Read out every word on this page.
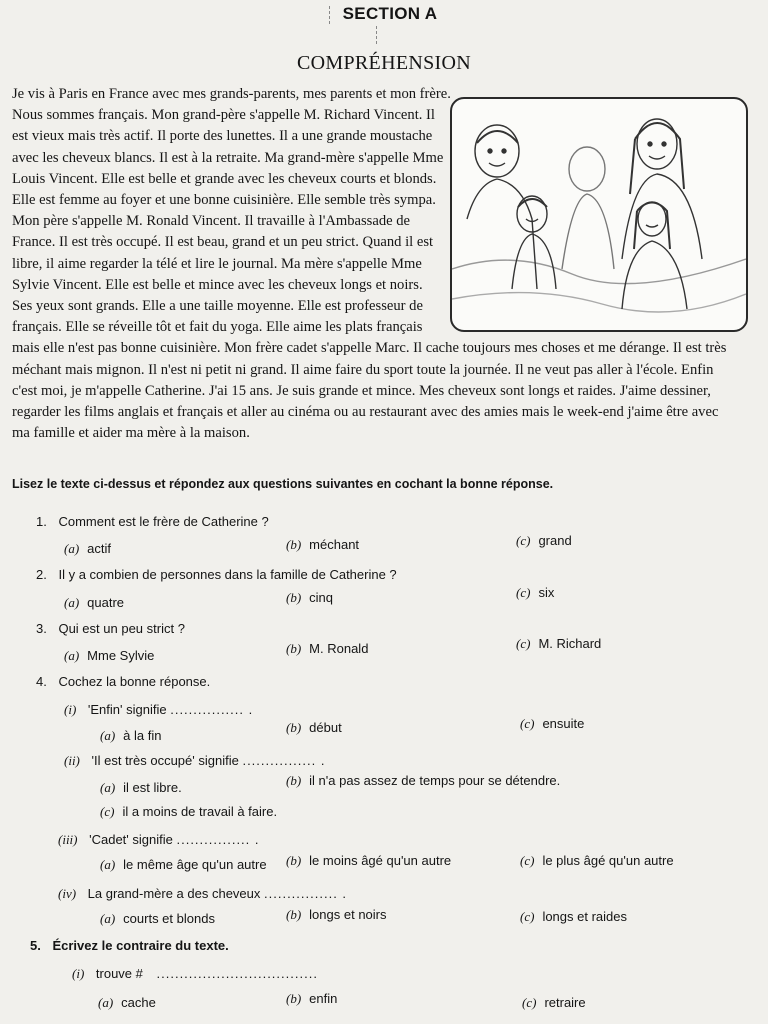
SECTION A
COMPRÉHENSION
Je vis à Paris en France avec mes grands-parents, mes parents et mon frère.
Nous sommes français. Mon grand-père s'appelle M. Richard Vincent. Il
est vieux mais très actif. Il porte des lunettes. Il a une grande moustache
avec les cheveux blancs. Il est à la retraite. Ma grand-mère s'appelle Mme
Louis Vincent. Elle est belle et grande avec les cheveux courts et blonds.
Elle est femme au foyer et une bonne cuisinière. Elle semble très sympa.
Mon père s'appelle M. Ronald Vincent. Il travaille à l'Ambassade de
France. Il est très occupé. Il est beau, grand et un peu strict. Quand il est
libre, il aime regarder la télé et lire le journal. Ma mère s'appelle Mme
Sylvie Vincent. Elle est belle et mince avec les cheveux longs et noirs.
Ses yeux sont grands. Elle a une taille moyenne. Elle est professeur de
français. Elle se réveille tôt et fait du yoga. Elle aime les plats français
mais elle n'est pas bonne cuisinière. Mon frère cadet s'appelle Marc. Il cache toujours mes choses et me dérange. Il est très
méchant mais mignon. Il n'est ni petit ni grand. Il aime faire du sport toute la journée. Il ne veut pas aller à l'école. Enfin
c'est moi, je m'appelle Catherine. J'ai 15 ans. Je suis grande et mince. Mes cheveux sont longs et raides. J'aime dessiner,
regarder les films anglais et français et aller au cinéma ou au restaurant avec des amies mais le week-end j'aime être avec
ma famille et aider ma mère à la maison.
Lisez le texte ci-dessus et répondez aux questions suivantes en cochant la bonne réponse.
1. Comment est le frère de Catherine ?
(a) actif	(b) méchant	(c) grand
2. Il y a combien de personnes dans la famille de Catherine ?
(a) quatre	(b) cinq	(c) six
3. Qui est un peu strict ?
(a) Mme Sylvie	(b) M. Ronald	(c) M. Richard
4. Cochez la bonne réponse.
(i) 'Enfin' signifie ................ .
(a) à la fin
(b) début	(c) ensuite
(ii) 'Il est très occupé' signifie ................ .
(a) il est libre.	(b) il n'a pas assez de temps pour se détendre.
(c) il a moins de travail à faire.
(iii) 'Cadet' signifie ................ .
(a) le même âge qu'un autre (b) le moins âgé qu'un autre	(c) le plus âgé qu'un autre
(iv) La grand-mère a des cheveux ................ .
(a) courts et blonds	(b) longs et noirs	(c) longs et raides
5. Écrivez le contraire du texte.
(i) trouve # ...................................
(a) cache	(b) enfin	(c) retraire
